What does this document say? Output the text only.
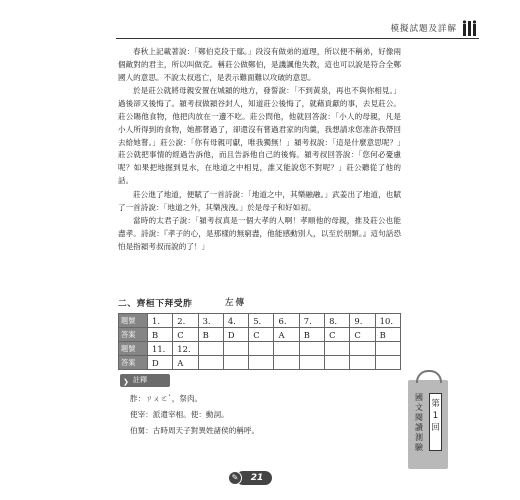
模擬試題及詳解

春秋上記載著說：「鄭伯克段于鄢。」段沒有做弟的道理，所以便不稱弟，好像兩個敵對的君主，所以叫做克。稱莊公做鄭伯，是譏諷他失教，這也可以說是符合全鄭國人的意思。不說太叔逃亡，是表示難面難以攻破的意思。

於是莊公就將母親安置在城潁的地方，發誓說：「不到黃泉，再也不與你相見。」過後卻又後悔了。潁考叔做潁谷封人，知道莊公後悔了，就藉貢獻的事，去見莊公。莊公賜他食物，他把肉放在一邊不吃。莊公問他，他就回答說：「小人的母親，凡是小人所得到的食物，她都嘗過了，卻還沒有嘗過君家的肉羹，我想請求您准許我帶回去給她嘗。」莊公說：「你有母親可獻，唯我獨無！」潁考叔說：「這是什麼意思呢？」莊公就把事情的經過告訴他，而且告訴他自己的後悔。潁考叔回答說：「您何必憂慮呢？如果把地掘到見水，在地道之中相見，誰又能說您不對呢？」莊公聽從了他的話。

莊公進了地道，便賦了一首詩說：「地道之中，其樂融融。」武姜出了地道，也賦了一首詩說：「地道之外，其樂洩洩。」於是母子和好如初。

當時的太君子說：「潁考叔真是一個大孝的人啊！孝順他的母親，推及莊公也能盡孝。詩說：『孝子的心，是那樣的無窮盡，他能感動別人，以至於朋類。』這句話恐怕是指潁考叔而說的了！」

二、齊桓下拜受胙	左傳
題號	1.	2.	3.	4.	5.	6.	7.	8.	9.	10.
答案	B	C	B	D	C	A	B	C	C	B
題號	11.	12.								
答案	D	A								
❯ 註釋
胙：ㄗㄨㄛˋ，祭肉。
使宰：派遣宰相。使：動詞。
伯舅：古時周天子對異姓諸侯的稱呼。
國文閱讀測驗
第1回
✎	21
